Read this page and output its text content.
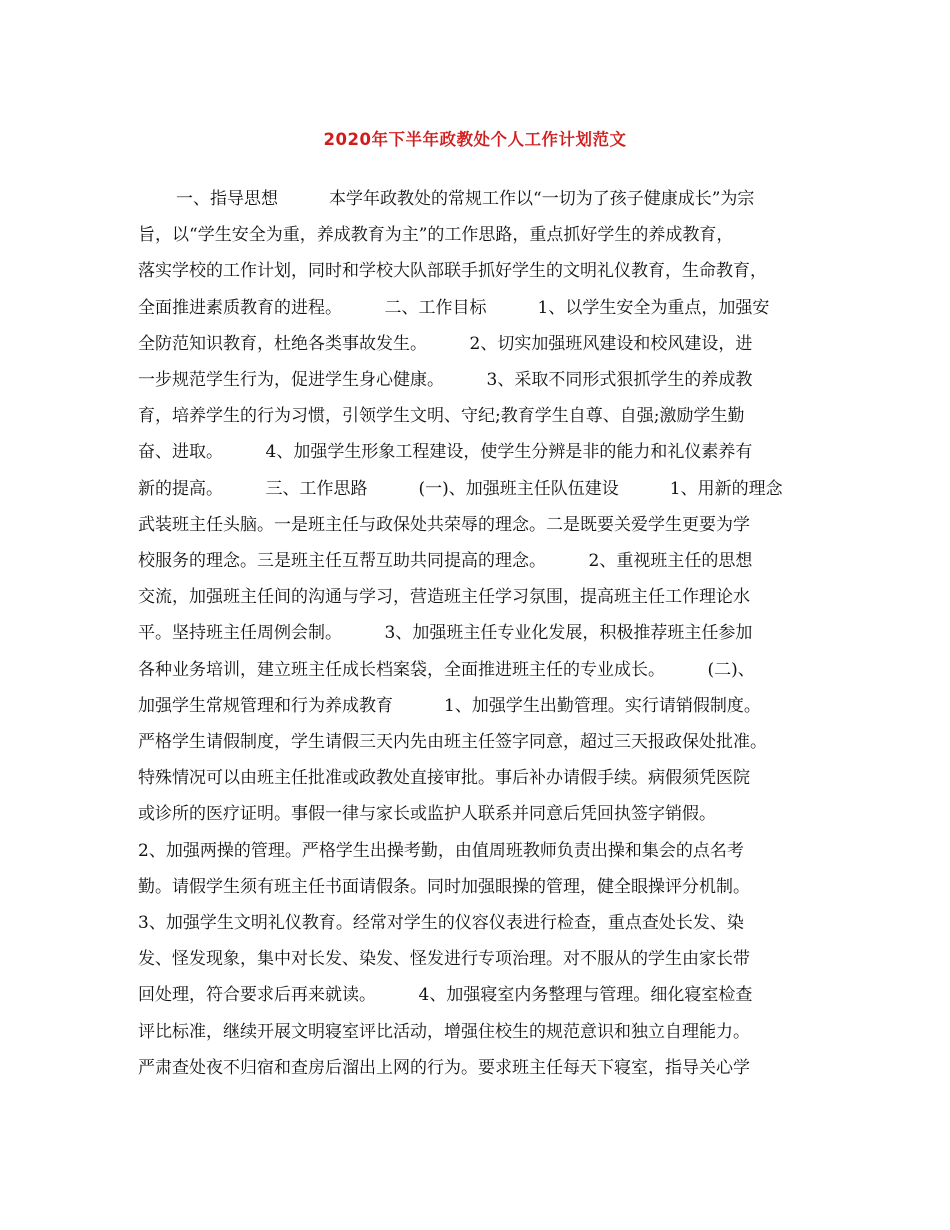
2020年下半年政教处个人工作计划范文
一、指导思想　　　本学年政教处的常规工作以“一切为了孩子健康成长”为宗
旨，以“学生安全为重，养成教育为主”的工作思路，重点抓好学生的养成教育，
落实学校的工作计划，同时和学校大队部联手抓好学生的文明礼仪教育，生命教育，
全面推进素质教育的进程。　　　二、工作目标　　　1、以学生安全为重点，加强安
全防范知识教育，杜绝各类事故发生。　　　2、切实加强班风建设和校风建设，进
一步规范学生行为，促进学生身心健康。　　　3、采取不同形式狠抓学生的养成教
育，培养学生的行为习惯，引领学生文明、守纪;教育学生自尊、自强;激励学生勤
奋、进取。　　　4、加强学生形象工程建设，使学生分辨是非的能力和礼仪素养有
新的提高。　　　三、工作思路　　　(一)、加强班主任队伍建设　　　1、用新的理念
武装班主任头脑。一是班主任与政保处共荣辱的理念。二是既要关爱学生更要为学
校服务的理念。三是班主任互帮互助共同提高的理念。　　　2、重视班主任的思想
交流，加强班主任间的沟通与学习，营造班主任学习氛围，提高班主任工作理论水
平。坚持班主任周例会制。　　　3、加强班主任专业化发展，积极推荐班主任参加
各种业务培训，建立班主任成长档案袋，全面推进班主任的专业成长。　　　(二)、
加强学生常规管理和行为养成教育　　　1、加强学生出勤管理。实行请销假制度。
严格学生请假制度，学生请假三天内先由班主任签字同意，超过三天报政保处批准。
特殊情况可以由班主任批准或政教处直接审批。事后补办请假手续。病假须凭医院
或诊所的医疗证明。事假一律与家长或监护人联系并同意后凭回执签字销假。
2、加强两操的管理。严格学生出操考勤，由值周班教师负责出操和集会的点名考
勤。请假学生须有班主任书面请假条。同时加强眼操的管理，健全眼操评分机制。
3、加强学生文明礼仪教育。经常对学生的仪容仪表进行检查，重点查处长发、染
发、怪发现象，集中对长发、染发、怪发进行专项治理。对不服从的学生由家长带
回处理，符合要求后再来就读。　　　4、加强寝室内务整理与管理。细化寝室检查
评比标准，继续开展文明寝室评比活动，增强住校生的规范意识和独立自理能力。
严肃查处夜不归宿和查房后溜出上网的行为。要求班主任每天下寝室，指导关心学
